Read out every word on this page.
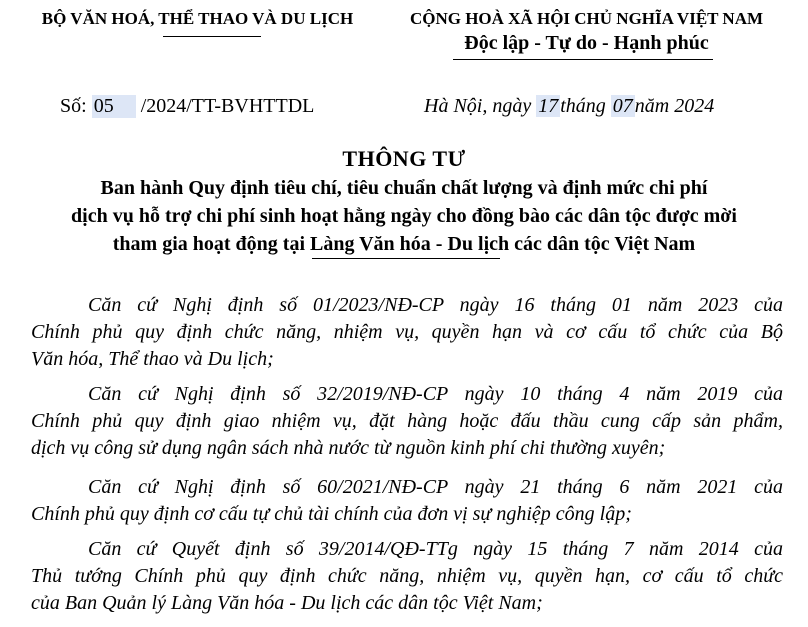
BỘ VĂN HOÁ, THỂ THAO VÀ DU LỊCH	CỘNG HOÀ XÃ HỘI CHỦ NGHĨA VIỆT NAM
Độc lập - Tự do - Hạnh phúc
Số: 05 /2024/TT-BVHTTDL	Hà Nội, ngày 17 tháng 07 năm 2024
THÔNG TƯ
Ban hành Quy định tiêu chí, tiêu chuẩn chất lượng và định mức chi phí
dịch vụ hỗ trợ chi phí sinh hoạt hằng ngày cho đồng bào các dân tộc được mời
tham gia hoạt động tại Làng Văn hóa - Du lịch các dân tộc Việt Nam
Căn cứ Nghị định số 01/2023/NĐ-CP ngày 16 tháng 01 năm 2023 của
Chính phủ quy định chức năng, nhiệm vụ, quyền hạn và cơ cấu tổ chức của Bộ
Văn hóa, Thể thao và Du lịch;
Căn cứ Nghị định số 32/2019/NĐ-CP ngày 10 tháng 4 năm 2019 của
Chính phủ quy định giao nhiệm vụ, đặt hàng hoặc đấu thầu cung cấp sản phẩm,
dịch vụ công sử dụng ngân sách nhà nước từ nguồn kinh phí chi thường xuyên;
Căn cứ Nghị định số 60/2021/NĐ-CP ngày 21 tháng 6 năm 2021 của
Chính phủ quy định cơ cấu tự chủ tài chính của đơn vị sự nghiệp công lập;
Căn cứ Quyết định số 39/2014/QĐ-TTg ngày 15 tháng 7 năm 2014 của
Thủ tướng Chính phủ quy định chức năng, nhiệm vụ, quyền hạn, cơ cấu tổ chức
của Ban Quản lý Làng Văn hóa - Du lịch các dân tộc Việt Nam;
